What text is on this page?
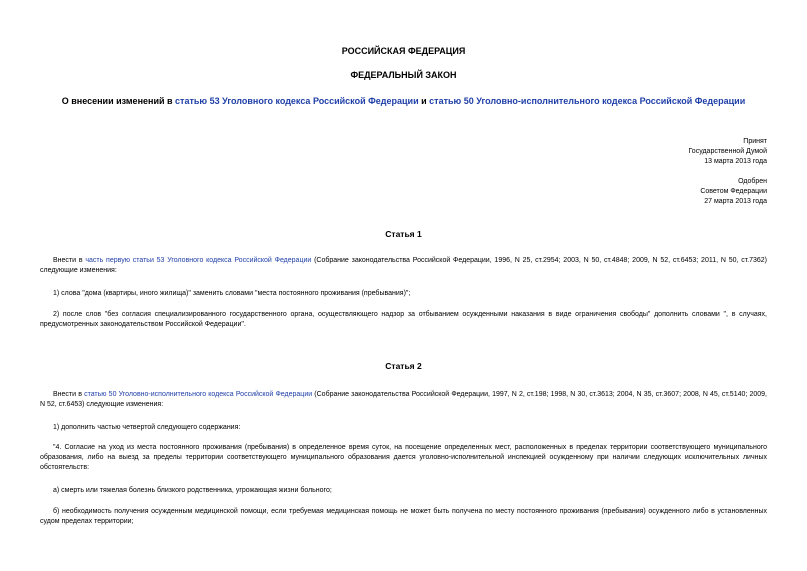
РОССИЙСКАЯ ФЕДЕРАЦИЯ
ФЕДЕРАЛЬНЫЙ ЗАКОН
О внесении изменений в статью 53 Уголовного кодекса Российской Федерации и статью 50 Уголовно-исполнительного кодекса Российской Федерации
Принят
Государственной Думой
13 марта 2013 года
Одобрен
Советом Федерации
27 марта 2013 года
Статья 1
Внести в часть первую статьи 53 Уголовного кодекса Российской Федерации (Собрание законодательства Российской Федерации, 1996, N 25, ст.2954; 2003, N 50, ст.4848; 2009, N 52, ст.6453; 2011, N 50, ст.7362) следующие изменения:
1) слова "дома (квартиры, иного жилища)" заменить словами "места постоянного проживания (пребывания)";
2) после слов "без согласия специализированного государственного органа, осуществляющего надзор за отбыванием осужденными наказания в виде ограничения свободы" дополнить словами ", в случаях, предусмотренных законодательством Российской Федерации".
Статья 2
Внести в статью 50 Уголовно-исполнительного кодекса Российской Федерации (Собрание законодательства Российской Федерации, 1997, N 2, ст.198; 1998, N 30, ст.3613; 2004, N 35, ст.3607; 2008, N 45, ст.5140; 2009, N 52, ст.6453) следующие изменения:
1) дополнить частью четвертой следующего содержания:
"4. Согласие на уход из места постоянного проживания (пребывания) в определенное время суток, на посещение определенных мест, расположенных в пределах территории соответствующего муниципального образования, либо на выезд за пределы территории соответствующего муниципального образования дается уголовно-исполнительной инспекцией осужденному при наличии следующих исключительных личных обстоятельств:
а) смерть или тяжелая болезнь близкого родственника, угрожающая жизни больного;
б) необходимость получения осужденным медицинской помощи, если требуемая медицинская помощь не может быть получена по месту постоянного проживания (пребывания) осужденного либо в установленных судом пределах территории;
